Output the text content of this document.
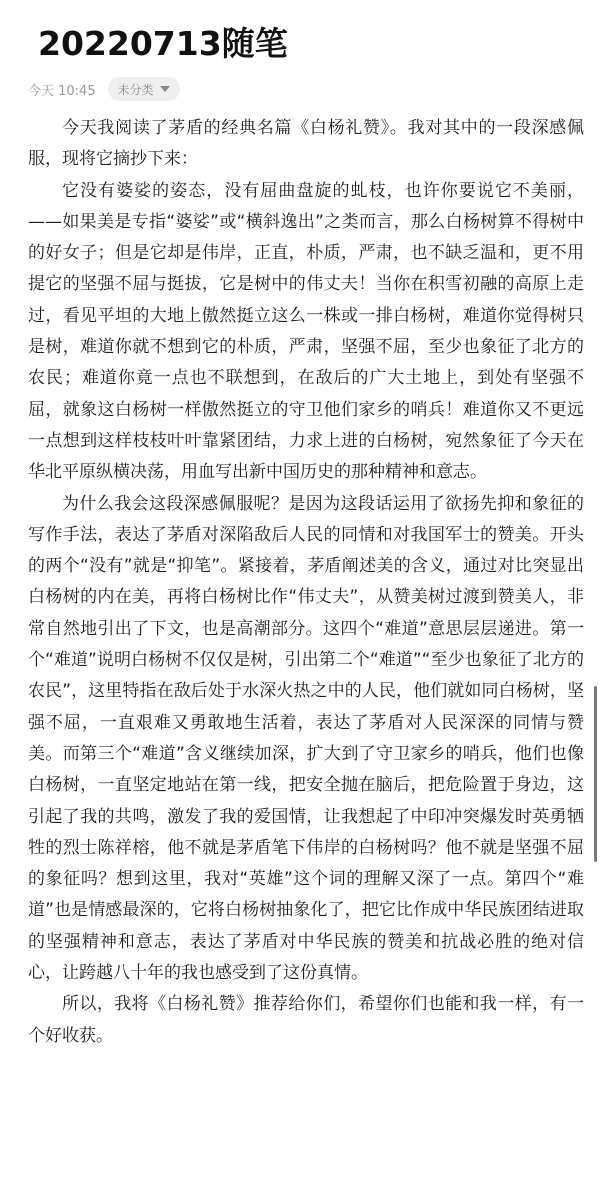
20220713随笔
今天 10:45 未分类

今天我阅读了茅盾的经典名篇《白杨礼赞》。我对其中的一段深感佩服，现将它摘抄下来：

它没有婆娑的姿态，没有屈曲盘旋的虬枝，也许你要说它不美丽，——如果美是专指“婆娑”或“横斜逸出”之类而言，那么白杨树算不得树中的好女子；但是它却是伟岸，正直，朴质，严肃，也不缺乏温和，更不用提它的坚强不屈与挺拔，它是树中的伟丈夫！当你在积雪初融的高原上走过，看见平坦的大地上傲然挺立这么一株或一排白杨树，难道你觉得树只是树，难道你就不想到它的朴质，严肃，坚强不屈，至少也象征了北方的农民；难道你竟一点也不联想到，在敌后的广大土地上，到处有坚强不屈，就象这白杨树一样傲然挺立的守卫他们家乡的哨兵！难道你又不更远一点想到这样枝枝叶叶靠紧团结，力求上进的白杨树，宛然象征了今天在华北平原纵横决荡，用血写出新中国历史的那种精神和意志。

为什么我会这段深感佩服呢？是因为这段话运用了欲扬先抑和象征的写作手法，表达了茅盾对深陷敌后人民的同情和对我国军士的赞美。开头的两个“没有”就是“抑笔”。紧接着，茅盾阐述美的含义，通过对比突显出白杨树的内在美，再将白杨树比作“伟丈夫”，从赞美树过渡到赞美人，非常自然地引出了下文，也是高潮部分。这四个“难道”意思层层递进。第一个“难道”说明白杨树不仅仅是树，引出第二个“难道”“至少也象征了北方的农民”，这里特指在敌后处于水深火热之中的人民，他们就如同白杨树，坚强不屈，一直艰难又勇敢地生活着，表达了茅盾对人民深深的同情与赞美。而第三个“难道”含义继续加深，扩大到了守卫家乡的哨兵，他们也像白杨树，一直坚定地站在第一线，把安全抛在脑后，把危险置于身边，这引起了我的共鸣，激发了我的爱国情，让我想起了中印冲突爆发时英勇牺牲的烈士陈祥榕，他不就是茅盾笔下伟岸的白杨树吗？他不就是坚强不屈的象征吗？想到这里，我对“英雄”这个词的理解又深了一点。第四个“难道”也是情感最深的，它将白杨树抽象化了，把它比作成中华民族团结进取的坚强精神和意志，表达了茅盾对中华民族的赞美和抗战必胜的绝对信心，让跨越八十年的我也感受到了这份真情。

所以，我将《白杨礼赞》推荐给你们，希望你们也能和我一样，有一个好收获。
